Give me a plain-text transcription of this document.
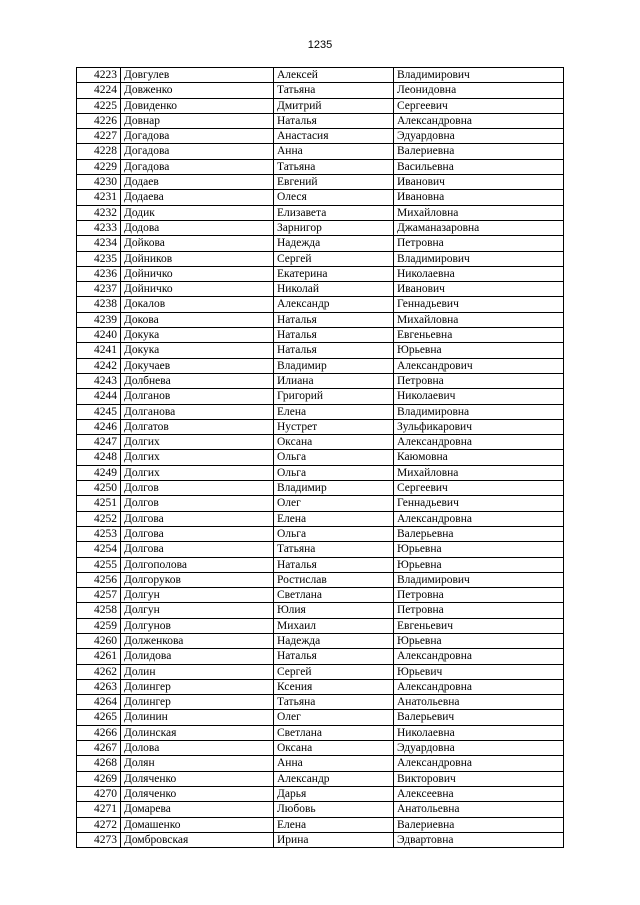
1235
4223	Довгулев	Алексей	Владимирович
4224	Довженко	Татьяна	Леонидовна
4225	Довиденко	Дмитрий	Сергеевич
4226	Довнар	Наталья	Александровна
4227	Догадова	Анастасия	Эдуардовна
4228	Догадова	Анна	Валериевна
4229	Догадова	Татьяна	Васильевна
4230	Додаев	Евгений	Иванович
4231	Додаева	Олеся	Ивановна
4232	Додик	Елизавета	Михайловна
4233	Додова	Зарнигор	Джаманазаровна
4234	Дойкова	Надежда	Петровна
4235	Дойников	Сергей	Владимирович
4236	Дойничко	Екатерина	Николаевна
4237	Дойничко	Николай	Иванович
4238	Докалов	Александр	Геннадьевич
4239	Докова	Наталья	Михайловна
4240	Докука	Наталья	Евгеньевна
4241	Докука	Наталья	Юрьевна
4242	Докучаев	Владимир	Александрович
4243	Долбнева	Илиана	Петровна
4244	Долганов	Григорий	Николаевич
4245	Долганова	Елена	Владимировна
4246	Долгатов	Нустрет	Зульфикарович
4247	Долгих	Оксана	Александровна
4248	Долгих	Ольга	Каюмовна
4249	Долгих	Ольга	Михайловна
4250	Долгов	Владимир	Сергеевич
4251	Долгов	Олег	Геннадьевич
4252	Долгова	Елена	Александровна
4253	Долгова	Ольга	Валерьевна
4254	Долгова	Татьяна	Юрьевна
4255	Долгополова	Наталья	Юрьевна
4256	Долгоруков	Ростислав	Владимирович
4257	Долгун	Светлана	Петровна
4258	Долгун	Юлия	Петровна
4259	Долгунов	Михаил	Евгеньевич
4260	Долженкова	Надежда	Юрьевна
4261	Долидова	Наталья	Александровна
4262	Долин	Сергей	Юрьевич
4263	Долингер	Ксения	Александровна
4264	Долингер	Татьяна	Анатольевна
4265	Долинин	Олег	Валерьевич
4266	Долинская	Светлана	Николаевна
4267	Долова	Оксана	Эдуардовна
4268	Долян	Анна	Александровна
4269	Доляченко	Александр	Викторович
4270	Доляченко	Дарья	Алексеевна
4271	Домарева	Любовь	Анатольевна
4272	Домашенко	Елена	Валериевна
4273	Домбровская	Ирина	Эдвартовна
